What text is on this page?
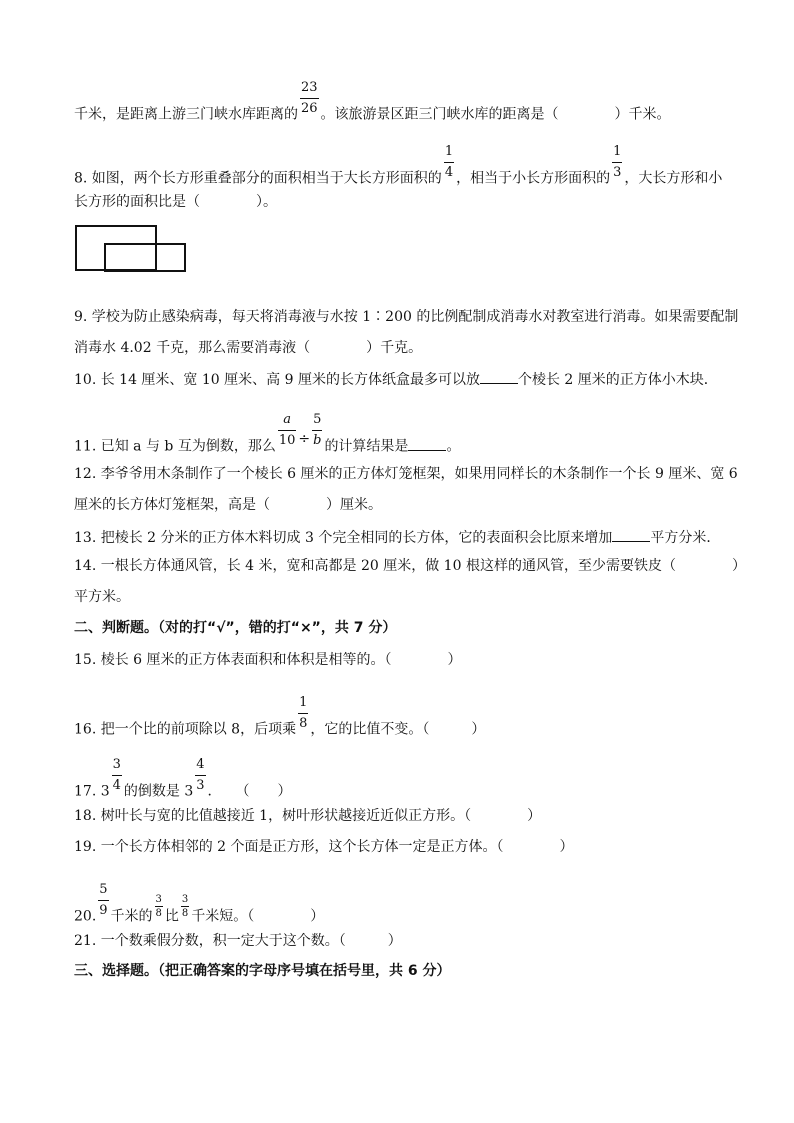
千米，是距离上游三门峡水库距离的 $\frac{23}{26}$ 。该旅游景区距三门峡水库的距离是（　　　　）千米。
8. 如图，两个长方形重叠部分的面积相当于大长方形面积的 $\frac{1}{4}$ ，相当于小长方形面积的 $\frac{1}{3}$ ，大长方形和小
长方形的面积比是（　　　　）。
9. 学校为防止感染病毒，每天将消毒液与水按 1∶200 的比例配制成消毒水对教室进行消毒。如果需要配制
消毒水 4.02 千克，那么需要消毒液（　　　　）千克。
10. 长 14 厘米、宽 10 厘米、高 9 厘米的长方体纸盒最多可以放	个棱长 2 厘米的正方体小木块．
11. 已知 a 与 b 互为倒数，那么 $\frac{a}{10} \div \frac{5}{b}$ 的计算结果是	。
12. 李爷爷用木条制作了一个棱长 6 厘米的正方体灯笼框架，如果用同样长的木条制作一个长 9 厘米、宽 6
厘米的长方体灯笼框架，高是（　　　　）厘米。
13. 把棱长 2 分米的正方体木料切成 3 个完全相同的长方体，它的表面积会比原来增加	平方分米．
14. 一根长方体通风管，长 4 米，宽和高都是 20 厘米，做 10 根这样的通风管，至少需要铁皮（　　　　）
平方米。
二、判断题。（对的打“√”，错的打“×”，共 7 分）
15. 棱长 6 厘米的正方体表面积和体积是相等的。（　　　　）
16. 把一个比的前项除以 8，后项乘 $\frac{1}{8}$ ，它的比值不变。（　　　）
17. $3 \frac{3}{4}$ 的倒数是 $3 \frac{4}{3}$ ．　　（　　）
18. 树叶长与宽的比值越接近 1，树叶形状越接近近似正方形。（　　　　）
19. 一个长方体相邻的 2 个面是正方形，这个长方体一定是正方体。（　　　　）
20. $\frac{5}{9}$ 千米的 $\frac{3}{8}$ 比 $\frac{3}{8}$ 千米短。（　　　　）
21. 一个数乘假分数，积一定大于这个数。（　　　）
三、选择题。（把正确答案的字母序号填在括号里，共 6 分）
